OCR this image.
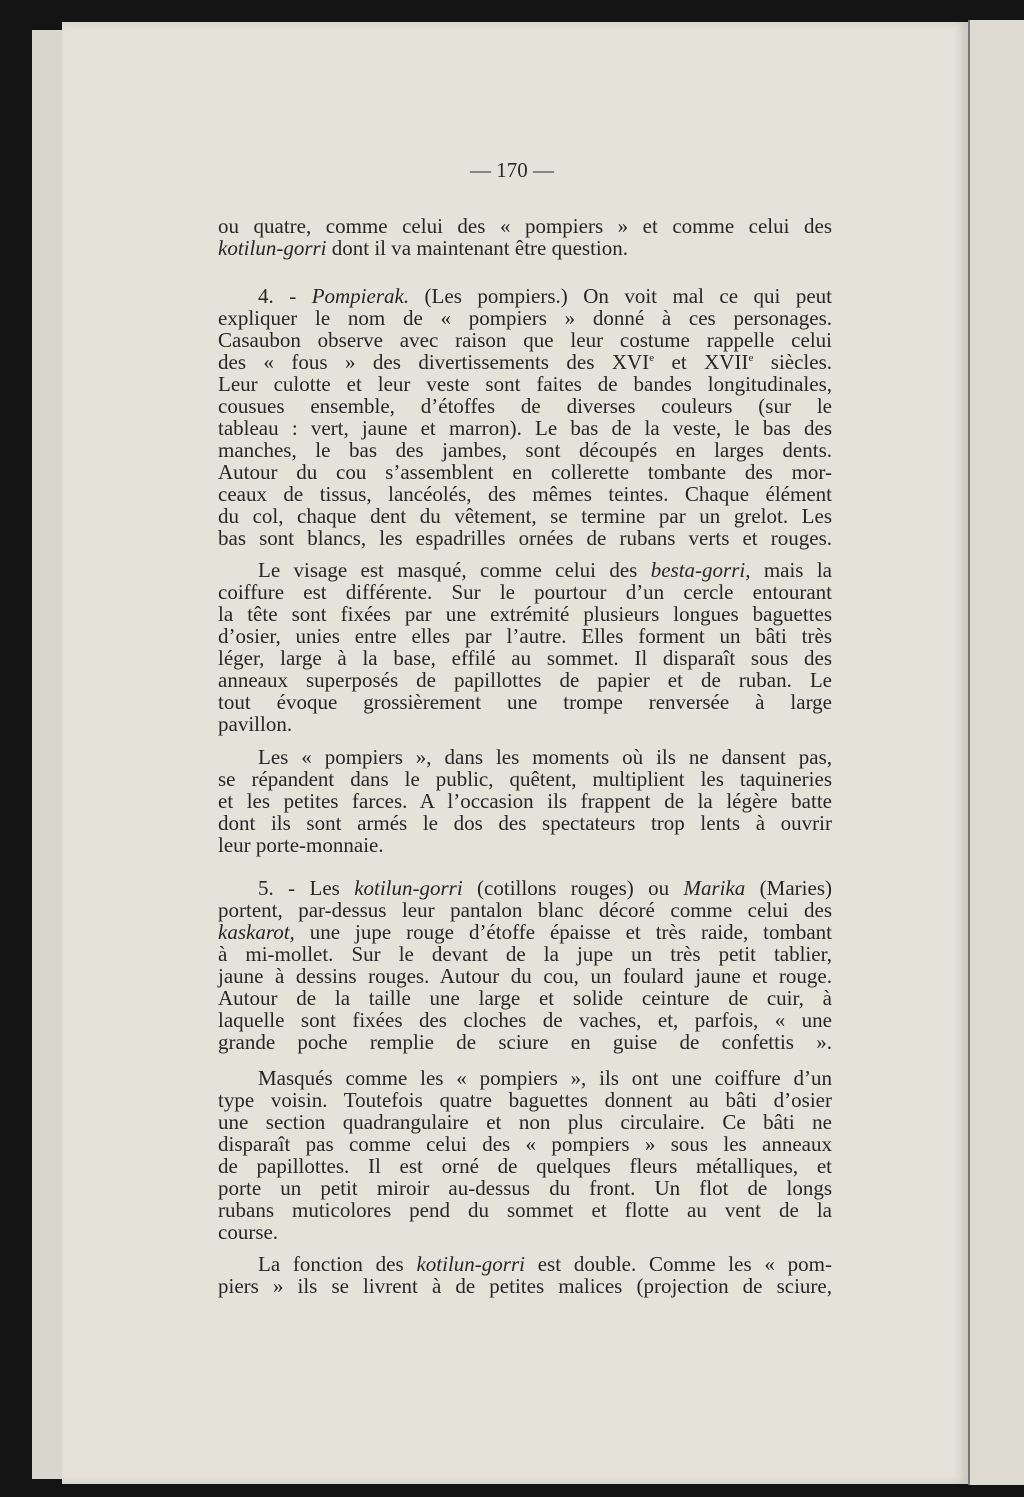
— 170 —
ou quatre, comme celui des « pompiers » et comme celui des
kotilun-gorri dont il va maintenant être question.
4. - Pompierak. (Les pompiers.) On voit mal ce qui peut
expliquer le nom de « pompiers » donné à ces personages.
Casaubon observe avec raison que leur costume rappelle celui
des « fous » des divertissements des XVIe et XVIIe siècles.
Leur culotte et leur veste sont faites de bandes longitudinales,
cousues ensemble, d’étoffes de diverses couleurs (sur le
tableau : vert, jaune et marron). Le bas de la veste, le bas des
manches, le bas des jambes, sont découpés en larges dents.
Autour du cou s’assemblent en collerette tombante des mor-
ceaux de tissus, lancéolés, des mêmes teintes. Chaque élément
du col, chaque dent du vêtement, se termine par un grelot. Les
bas sont blancs, les espadrilles ornées de rubans verts et rouges.
Le visage est masqué, comme celui des besta-gorri, mais la
coiffure est différente. Sur le pourtour d’un cercle entourant
la tête sont fixées par une extrémité plusieurs longues baguettes
d’osier, unies entre elles par l’autre. Elles forment un bâti très
léger, large à la base, effilé au sommet. Il disparaît sous des
anneaux superposés de papillottes de papier et de ruban. Le
tout évoque grossièrement une trompe renversée à large
pavillon.
Les « pompiers », dans les moments où ils ne dansent pas,
se répandent dans le public, quêtent, multiplient les taquineries
et les petites farces. A l’occasion ils frappent de la légère batte
dont ils sont armés le dos des spectateurs trop lents à ouvrir
leur porte-monnaie.
5. - Les kotilun-gorri (cotillons rouges) ou Marika (Maries)
portent, par-dessus leur pantalon blanc décoré comme celui des
kaskarot, une jupe rouge d’étoffe épaisse et très raide, tombant
à mi-mollet. Sur le devant de la jupe un très petit tablier,
jaune à dessins rouges. Autour du cou, un foulard jaune et rouge.
Autour de la taille une large et solide ceinture de cuir, à
laquelle sont fixées des cloches de vaches, et, parfois, « une
grande poche remplie de sciure en guise de confettis ».
Masqués comme les « pompiers », ils ont une coiffure d’un
type voisin. Toutefois quatre baguettes donnent au bâti d’osier
une section quadrangulaire et non plus circulaire. Ce bâti ne
disparaît pas comme celui des « pompiers » sous les anneaux
de papillottes. Il est orné de quelques fleurs métalliques, et
porte un petit miroir au-dessus du front. Un flot de longs
rubans muticolores pend du sommet et flotte au vent de la
course.
La fonction des kotilun-gorri est double. Comme les « pom-
piers » ils se livrent à de petites malices (projection de sciure,
